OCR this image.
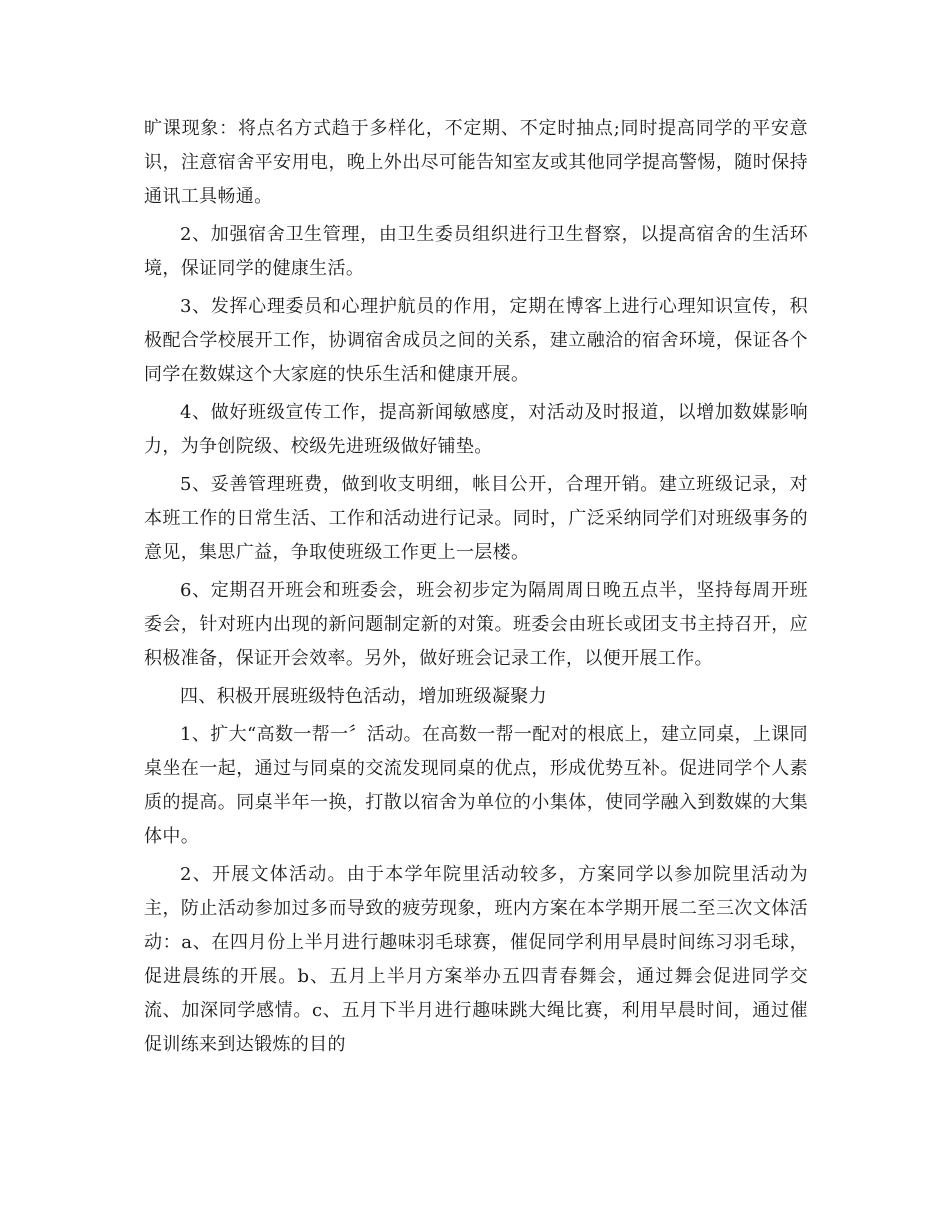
旷课现象：将点名方式趋于多样化，不定期、不定时抽点;同时提高同学的平安意识，注意宿舍平安用电，晚上外出尽可能告知室友或其他同学提高警惕，随时保持通讯工具畅通。

2、加强宿舍卫生管理，由卫生委员组织进行卫生督察，以提高宿舍的生活环境，保证同学的健康生活。

3、发挥心理委员和心理护航员的作用，定期在博客上进行心理知识宣传，积极配合学校展开工作，协调宿舍成员之间的关系，建立融洽的宿舍环境，保证各个同学在数媒这个大家庭的快乐生活和健康开展。

4、做好班级宣传工作，提高新闻敏感度，对活动及时报道，以增加数媒影响力，为争创院级、校级先进班级做好铺垫。

5、妥善管理班费，做到收支明细，帐目公开，合理开销。建立班级记录，对本班工作的日常生活、工作和活动进行记录。同时，广泛采纳同学们对班级事务的意见，集思广益，争取使班级工作更上一层楼。

6、定期召开班会和班委会，班会初步定为隔周周日晚五点半，坚持每周开班委会，针对班内出现的新问题制定新的对策。班委会由班长或团支书主持召开，应积极准备，保证开会效率。另外，做好班会记录工作，以便开展工作。

四、积极开展班级特色活动，增加班级凝聚力

1、扩大“高数一帮一〞活动。在高数一帮一配对的根底上，建立同桌，上课同桌坐在一起，通过与同桌的交流发现同桌的优点，形成优势互补。促进同学个人素质的提高。同桌半年一换，打散以宿舍为单位的小集体，使同学融入到数媒的大集体中。

2、开展文体活动。由于本学年院里活动较多，方案同学以参加院里活动为主，防止活动参加过多而导致的疲劳现象，班内方案在本学期开展二至三次文体活动：a、在四月份上半月进行趣味羽毛球赛，催促同学利用早晨时间练习羽毛球，促进晨练的开展。b、五月上半月方案举办五四青春舞会，通过舞会促进同学交流、加深同学感情。c、五月下半月进行趣味跳大绳比赛，利用早晨时间，通过催促训练来到达锻炼的目的
